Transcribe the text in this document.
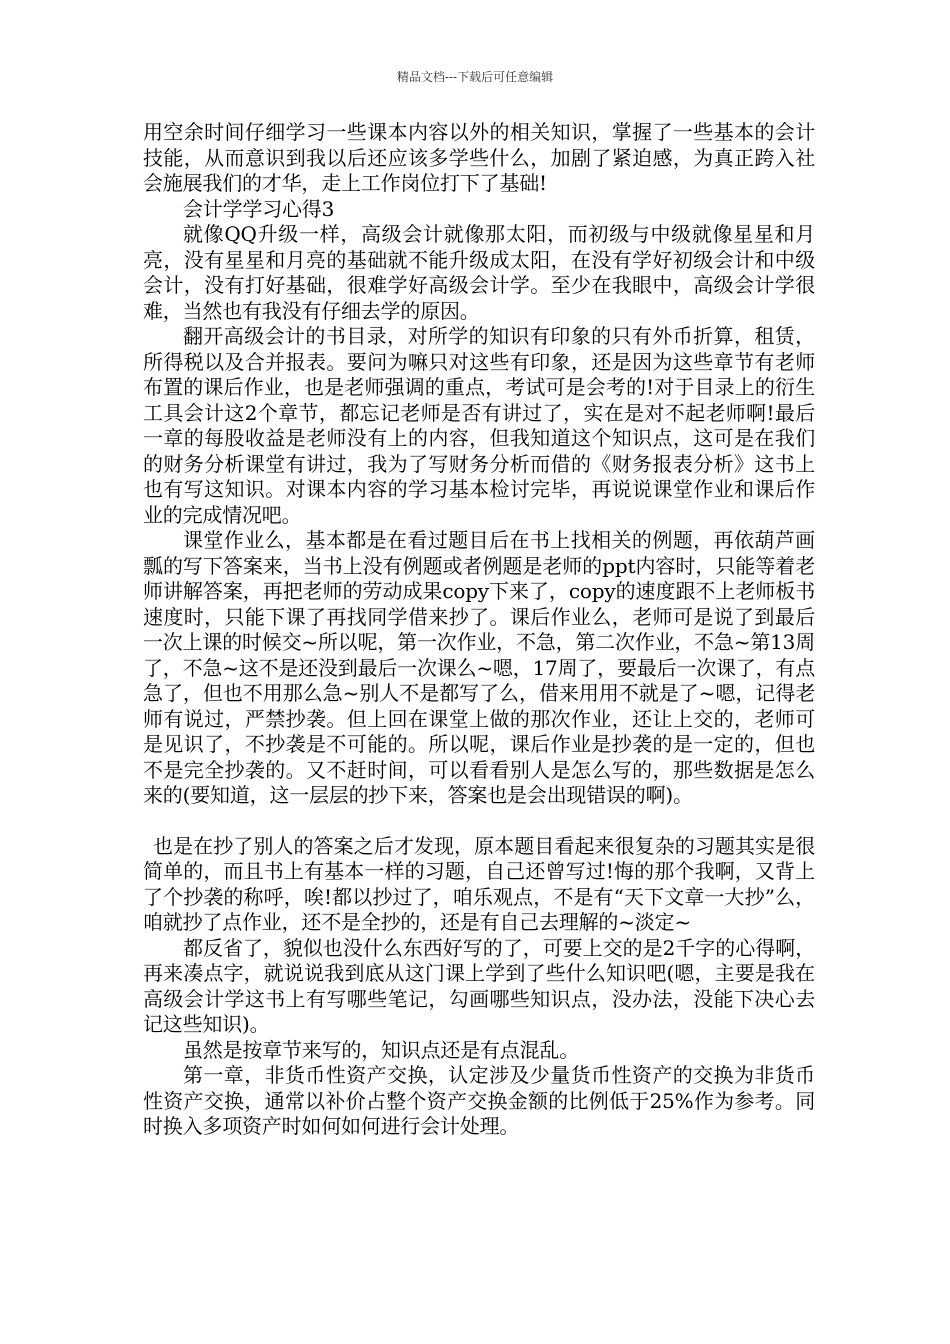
精品文档---下载后可任意编辑

用空余时间仔细学习一些课本内容以外的相关知识，掌握了一些基本的会计技能，从而意识到我以后还应该多学些什么，加剧了紧迫感，为真正跨入社会施展我们的才华，走上工作岗位打下了基础!

会计学学习心得3

就像QQ升级一样，高级会计就像那太阳，而初级与中级就像星星和月亮，没有星星和月亮的基础就不能升级成太阳，在没有学好初级会计和中级会计，没有打好基础，很难学好高级会计学。至少在我眼中，高级会计学很难，当然也有我没有仔细去学的原因。

翻开高级会计的书目录，对所学的知识有印象的只有外币折算，租赁，所得税以及合并报表。要问为嘛只对这些有印象，还是因为这些章节有老师布置的课后作业，也是老师强调的重点，考试可是会考的!对于目录上的衍生工具会计这2个章节，都忘记老师是否有讲过了，实在是对不起老师啊!最后一章的每股收益是老师没有上的内容，但我知道这个知识点，这可是在我们的财务分析课堂有讲过，我为了写财务分析而借的《财务报表分析》这书上也有写这知识。对课本内容的学习基本检讨完毕，再说说课堂作业和课后作业的完成情况吧。

课堂作业么，基本都是在看过题目后在书上找相关的例题，再依葫芦画瓢的写下答案来，当书上没有例题或者例题是老师的ppt内容时，只能等着老师讲解答案，再把老师的劳动成果copy下来了，copy的速度跟不上老师板书速度时，只能下课了再找同学借来抄了。课后作业么，老师可是说了到最后一次上课的时候交~所以呢，第一次作业，不急，第二次作业，不急~第13周了，不急~这不是还没到最后一次课么~嗯，17周了，要最后一次课了，有点急了，但也不用那么急~别人不是都写了么，借来用用不就是了~嗯，记得老师有说过，严禁抄袭。但上回在课堂上做的那次作业，还让上交的，老师可是见识了，不抄袭是不可能的。所以呢，课后作业是抄袭的是一定的，但也不是完全抄袭的。又不赶时间，可以看看别人是怎么写的，那些数据是怎么来的(要知道，这一层层的抄下来，答案也是会出现错误的啊)。

也是在抄了别人的答案之后才发现，原本题目看起来很复杂的习题其实是很简单的，而且书上有基本一样的习题，自己还曾写过!悔的那个我啊，又背上了个抄袭的称呼，唉!都以抄过了，咱乐观点，不是有“天下文章一大抄”么，咱就抄了点作业，还不是全抄的，还是有自己去理解的~淡定~

都反省了，貌似也没什么东西好写的了，可要上交的是2千字的心得啊，再来凑点字，就说说我到底从这门课上学到了些什么知识吧(嗯，主要是我在高级会计学这书上有写哪些笔记，勾画哪些知识点，没办法，没能下决心去记这些知识)。

虽然是按章节来写的，知识点还是有点混乱。

第一章，非货币性资产交换，认定涉及少量货币性资产的交换为非货币性资产交换，通常以补价占整个资产交换金额的比例低于25%作为参考。同时换入多项资产时如何如何进行会计处理。
